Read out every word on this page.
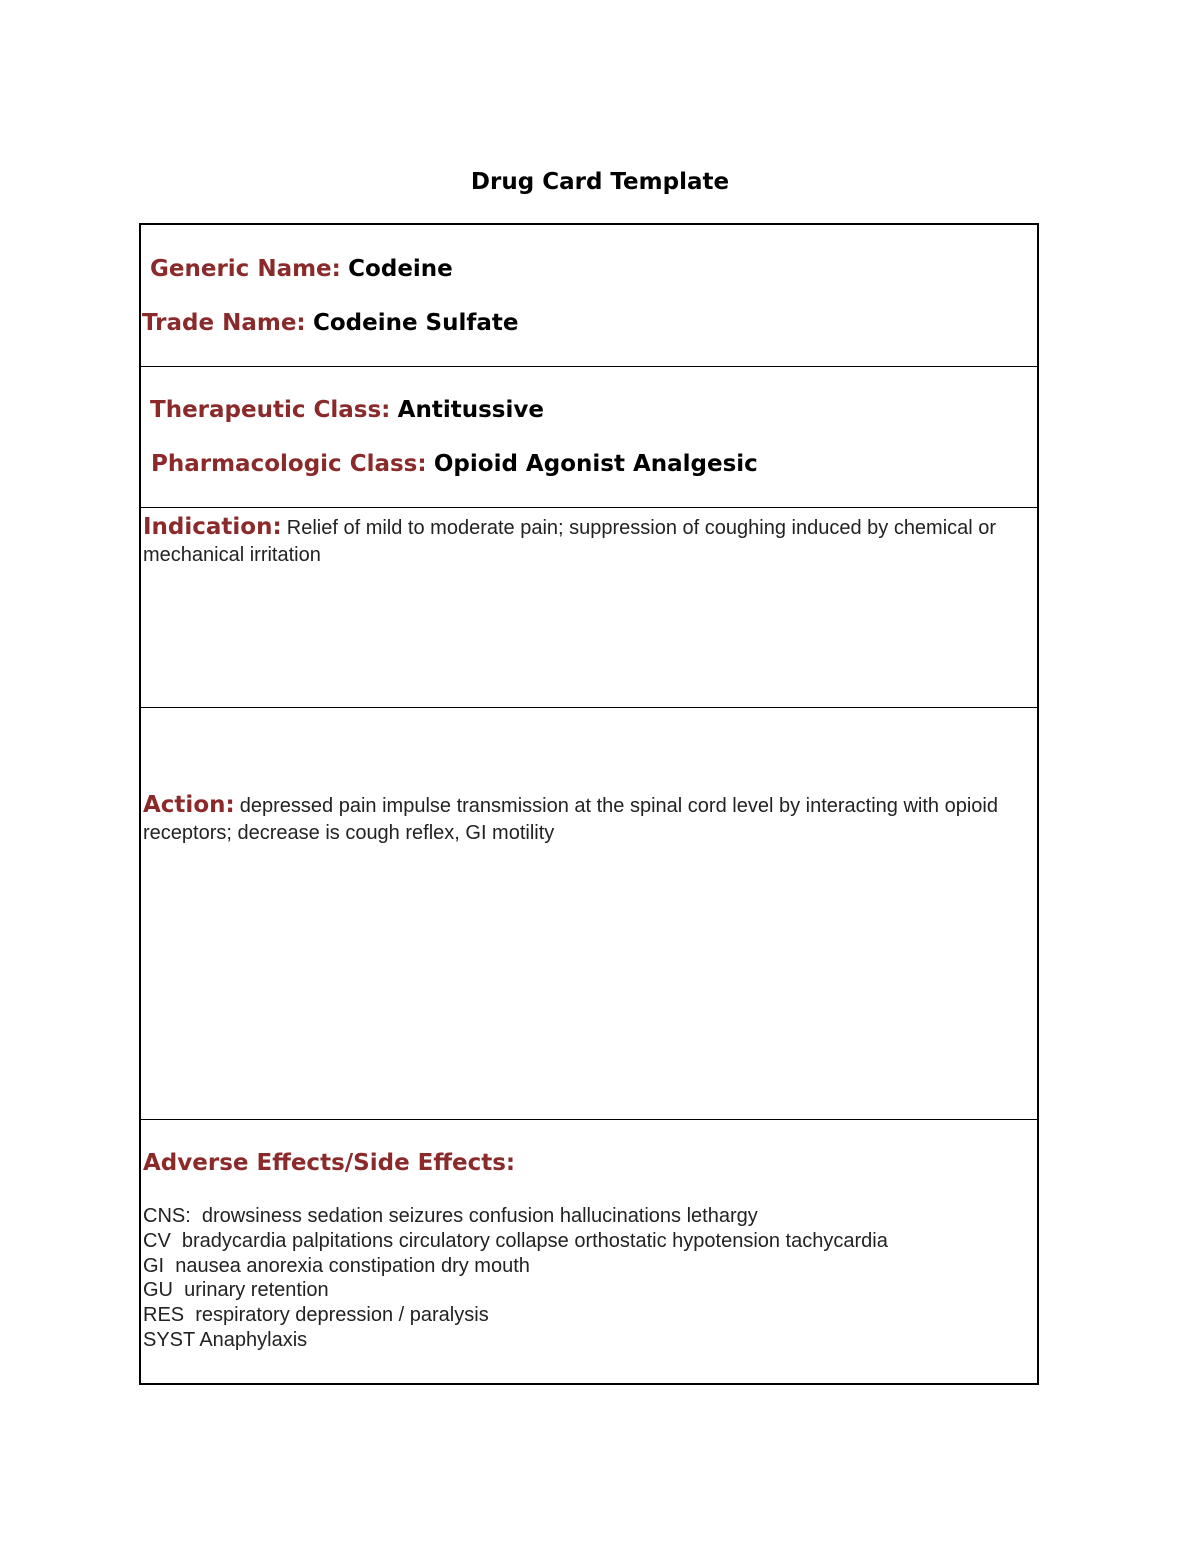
Drug Card Template
Generic Name: Codeine
Trade Name: Codeine Sulfate
Therapeutic Class: Antitussive
Pharmacologic Class: Opioid Agonist Analgesic
Indication: Relief of mild to moderate pain; suppression of coughing induced by chemical or mechanical irritation
Action: depressed pain impulse transmission at the spinal cord level by interacting with opioid receptors; decrease is cough reflex, GI motility
Adverse Effects/Side Effects:
CNS:  drowsiness sedation seizures confusion hallucinations lethargy
CV  bradycardia palpitations circulatory collapse orthostatic hypotension tachycardia
GI  nausea anorexia constipation dry mouth
GU  urinary retention
RES  respiratory depression / paralysis
SYST Anaphylaxis
